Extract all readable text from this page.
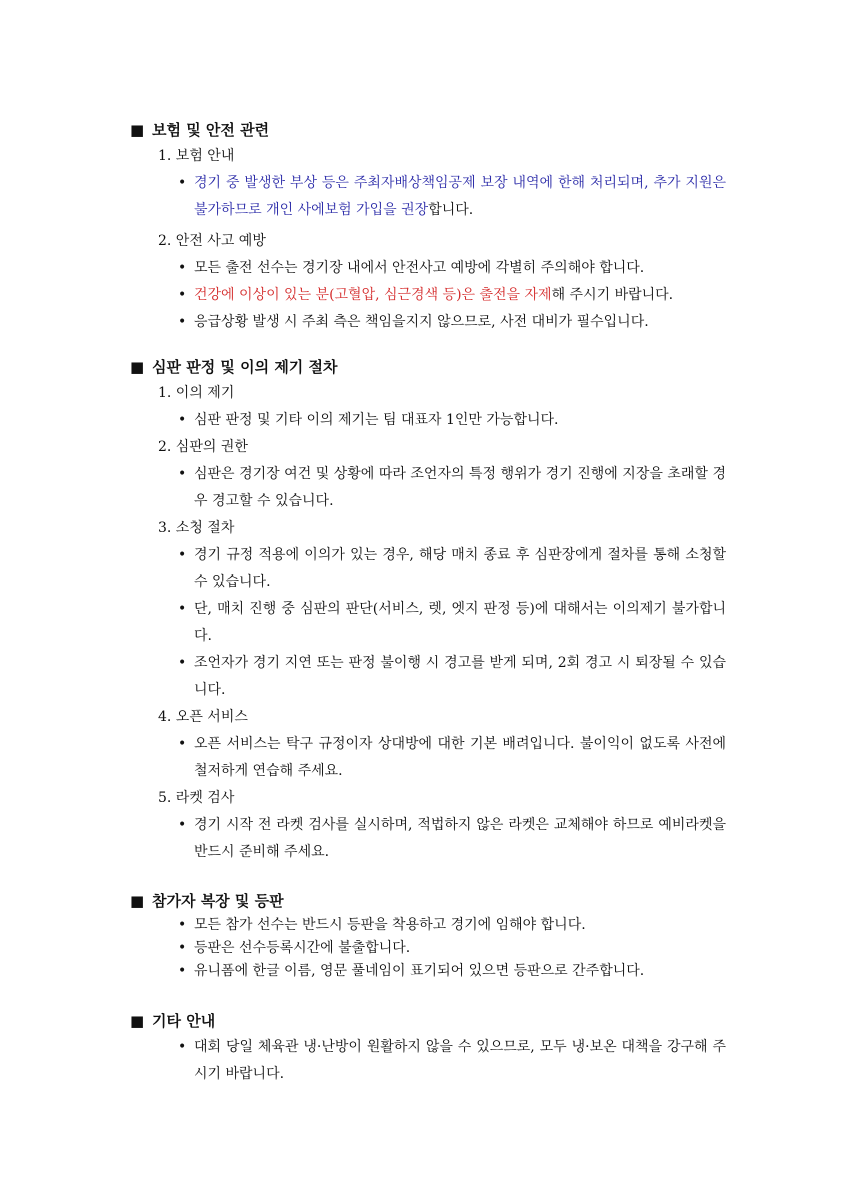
■ 보험 및 안전 관련
1. 보험 안내
• 경기 중 발생한 부상 등은 주최자배상책임공제 보장 내역에 한해 처리되며, 추가 지원은 불가하므로 개인 사에보험 가입을 권장합니다.
2. 안전 사고 예방
• 모든 출전 선수는 경기장 내에서 안전사고 예방에 각별히 주의해야 합니다.
• 건강에 이상이 있는 분(고혈압, 심근경색 등)은 출전을 자제해 주시기 바랍니다.
• 응급상황 발생 시 주최 측은 책임을지지 않으므로, 사전 대비가 필수입니다.
■ 심판 판정 및 이의 제기 절차
1. 이의 제기
• 심판 판정 및 기타 이의 제기는 팀 대표자 1인만 가능합니다.
2. 심판의 권한
• 심판은 경기장 여건 및 상황에 따라 조언자의 특정 행위가 경기 진행에 지장을 초래할 경우 경고할 수 있습니다.
3. 소청 절차
• 경기 규정 적용에 이의가 있는 경우, 해당 매치 종료 후 심판장에게 절차를 통해 소청할 수 있습니다.
• 단, 매치 진행 중 심판의 판단(서비스, 렛, 엣지 판정 등)에 대해서는 이의제기 불가합니다.
• 조언자가 경기 지연 또는 판정 불이행 시 경고를 받게 되며, 2회 경고 시 퇴장될 수 있습니다.
4. 오픈 서비스
• 오픈 서비스는 탁구 규정이자 상대방에 대한 기본 배려입니다. 불이익이 없도록 사전에 철저하게 연습해 주세요.
5. 라켓 검사
• 경기 시작 전 라켓 검사를 실시하며, 적법하지 않은 라켓은 교체해야 하므로 예비라켓을 반드시 준비해 주세요.
■ 참가자 복장 및 등판
• 모든 참가 선수는 반드시 등판을 착용하고 경기에 임해야 합니다.
• 등판은 선수등록시간에 불출합니다.
• 유니폼에 한글 이름, 영문 풀네임이 표기되어 있으면 등판으로 간주합니다.
■ 기타 안내
• 대회 당일 체육관 냉·난방이 원활하지 않을 수 있으므로, 모두 냉·보온 대책을 강구해 주시기 바랍니다.
